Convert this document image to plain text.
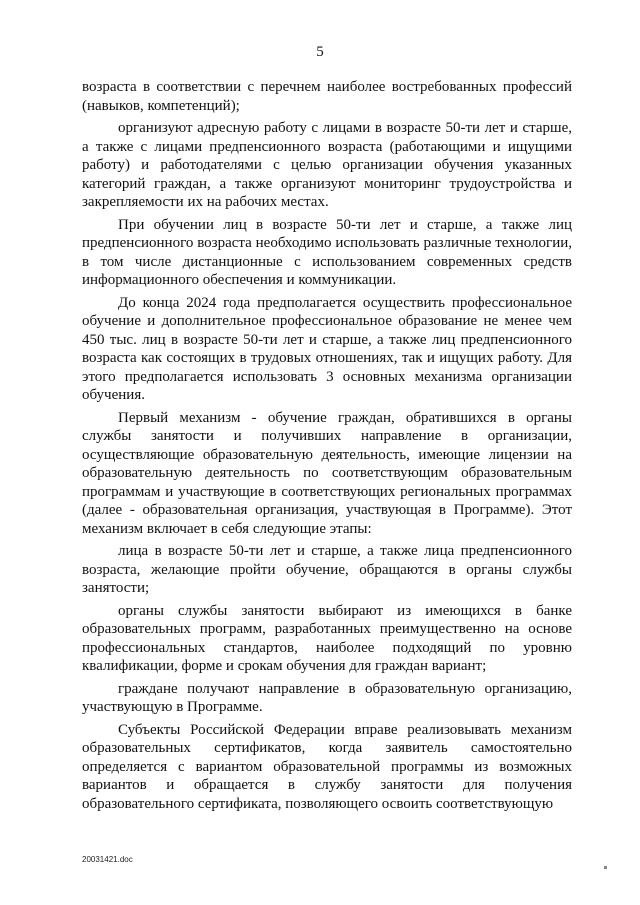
5

возраста в соответствии с перечнем наиболее востребованных профессий (навыков, компетенций);

организуют адресную работу с лицами в возрасте 50-ти лет и старше, а также с лицами предпенсионного возраста (работающими и ищущими работу) и работодателями с целью организации обучения указанных категорий граждан, а также организуют мониторинг трудоустройства и закрепляемости их на рабочих местах.

При обучении лиц в возрасте 50-ти лет и старше, а также лиц предпенсионного возраста необходимо использовать различные технологии, в том числе дистанционные с использованием современных средств информационного обеспечения и коммуникации.

До конца 2024 года предполагается осуществить профессиональное обучение и дополнительное профессиональное образование не менее чем 450 тыс. лиц в возрасте 50-ти лет и старше, а также лиц предпенсионного возраста как состоящих в трудовых отношениях, так и ищущих работу. Для этого предполагается использовать 3 основных механизма организации обучения.

Первый механизм - обучение граждан, обратившихся в органы службы занятости и получивших направление в организации, осуществляющие образовательную деятельность, имеющие лицензии на образовательную деятельность по соответствующим образовательным программам и участвующие в соответствующих региональных программах (далее - образовательная организация, участвующая в Программе). Этот механизм включает в себя следующие этапы:

лица в возрасте 50-ти лет и старше, а также лица предпенсионного возраста, желающие пройти обучение, обращаются в органы службы занятости;

органы службы занятости выбирают из имеющихся в банке образовательных программ, разработанных преимущественно на основе профессиональных стандартов, наиболее подходящий по уровню квалификации, форме и срокам обучения для граждан вариант;

граждане получают направление в образовательную организацию, участвующую в Программе.

Субъекты Российской Федерации вправе реализовывать механизм образовательных сертификатов, когда заявитель самостоятельно определяется с вариантом образовательной программы из возможных вариантов и обращается в службу занятости для получения образовательного сертификата, позволяющего освоить соответствующую

20031421.doc
